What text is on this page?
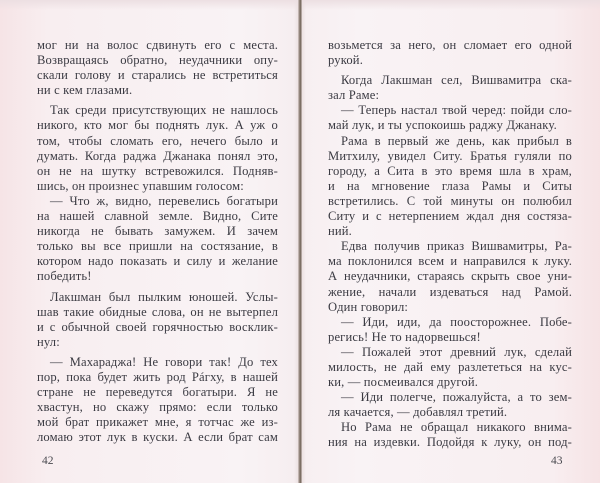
мог ни на волос сдвинуть его с места.
Возвращаясь обратно, неудачники опу-
скали голову и старались не встретиться
ни с кем глазами.
Так среди присутствующих не нашлось
никого, кто мог бы поднять лук. А уж о
том, чтобы сломать его, нечего было и
думать. Когда раджа Джанака понял это,
он не на шутку встревожился. Подняв-
шись, он произнес упавшим голосом:
— Что ж, видно, перевелись богатыри
на нашей славной земле. Видно, Сите
никогда не бывать замужем. И зачем
только вы все пришли на состязание, в
котором надо показать и силу и желание
победить!
Лакшман был пылким юношей. Услы-
шав такие обидные слова, он не вытерпел
и с обычной своей горячностью восклик-
нул:
— Махараджа! Не говори так! До тех
пор, пока будет жить род Рáгху, в нашей
стране не переведутся богатыри. Я не
хвастун, но скажу прямо: если только
мой брат прикажет мне, я тотчас же из-
ломаю этот лук в куски. А если брат сам
42
возьмется за него, он сломает его одной
рукой.
Когда Лакшман сел, Вишвамитра ска-
зал Раме:
— Теперь настал твой черед: пойди сло-
май лук, и ты успокоишь раджу Джанаку.
Рама в первый же день, как прибыл в
Митхилу, увидел Ситу. Братья гуляли по
городу, а Сита в это время шла в храм,
и на мгновение глаза Рамы и Ситы
встретились. С той минуты он полюбил
Ситу и с нетерпением ждал дня состяза-
ний.
Едва получив приказ Вишвамитры, Ра-
ма поклонился всем и направился к луку.
А неудачники, стараясь скрыть свое уни-
жение, начали издеваться над Рамой.
Один говорил:
— Иди, иди, да поосторожнее. Побе-
регись! Не то надорвешься!
— Пожалей этот древний лук, сделай
милость, не дай ему разлететься на кус-
ки, — посмеивался другой.
— Иди полегче, пожалуйста, а то зем-
ля качается, — добавлял третий.
Но Рама не обращал никакого внима-
ния на издевки. Подойдя к луку, он под-
43
